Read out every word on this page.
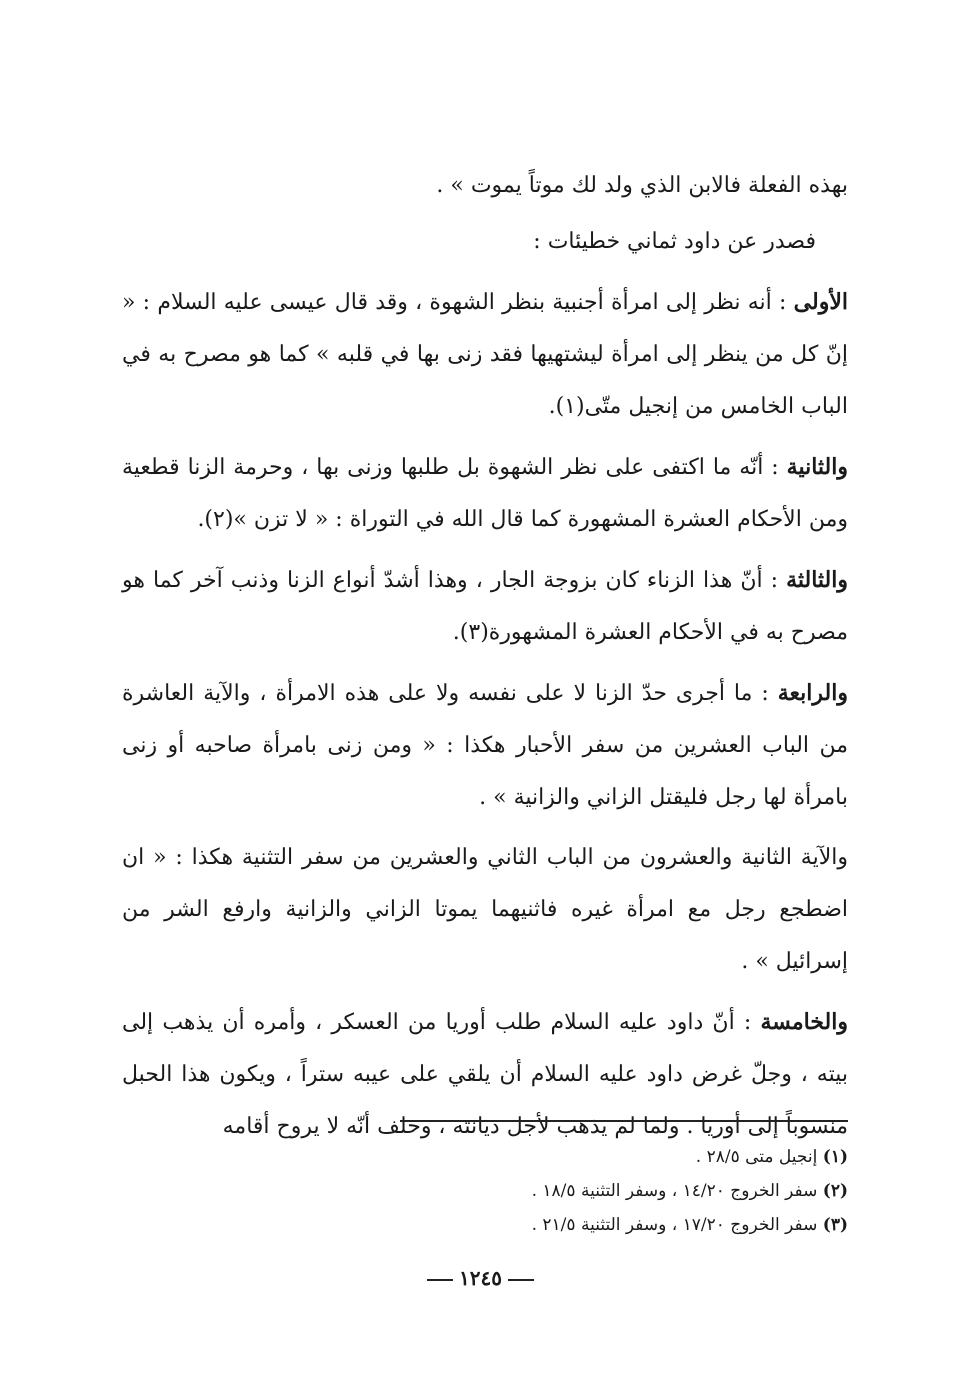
بهذه الفعلة فالابن الذي ولد لك موتاً يموت » .

فصدر عن داود ثماني خطيئات :

الأولى : أنه نظر إلى امرأة أجنبية بنظر الشهوة ، وقد قال عيسى عليه السلام : « إنّ كل من ينظر إلى امرأة ليشتهيها فقد زنى بها في قلبه » كما هو مصرح به في الباب الخامس من إنجيل متّى(١).

والثانية : أنّه ما اكتفى على نظر الشهوة بل طلبها وزنى بها ، وحرمة الزنا قطعية ومن الأحكام العشرة المشهورة كما قال الله في التوراة : « لا تزن »(٢).

والثالثة : أنّ هذا الزناء كان بزوجة الجار ، وهذا أشدّ أنواع الزنا وذنب آخر كما هو مصرح به في الأحكام العشرة المشهورة(٣).

والرابعة : ما أجرى حدّ الزنا لا على نفسه ولا على هذه الامرأة ، والآية العاشرة من الباب العشرين من سفر الأحبار هكذا : « ومن زنى بامرأة صاحبه أو زنى بامرأة لها رجل فليقتل الزاني والزانية » .

والآية الثانية والعشرون من الباب الثاني والعشرين من سفر التثنية هكذا : « ان اضطجع رجل مع امرأة غيره فاثنيهما يموتا الزاني والزانية وارفع الشر من إسرائيل » .

والخامسة : أنّ داود عليه السلام طلب أوريا من العسكر ، وأمره أن يذهب إلى بيته ، وجلّ غرض داود عليه السلام أن يلقي على عيبه ستراً ، ويكون هذا الحبل منسوباً إلى أوريا . ولما لم يذهب لأجل ديانته ، وحلف أنّه لا يروح أقامه

(١) إنجيل متى ٢٨/٥ .
(٢) سفر الخروج ١٤/٢٠ ، وسفر التثنية ١٨/٥ .
(٣) سفر الخروج ١٧/٢٠ ، وسفر التثنية ٢١/٥ .
١٢٤٥
